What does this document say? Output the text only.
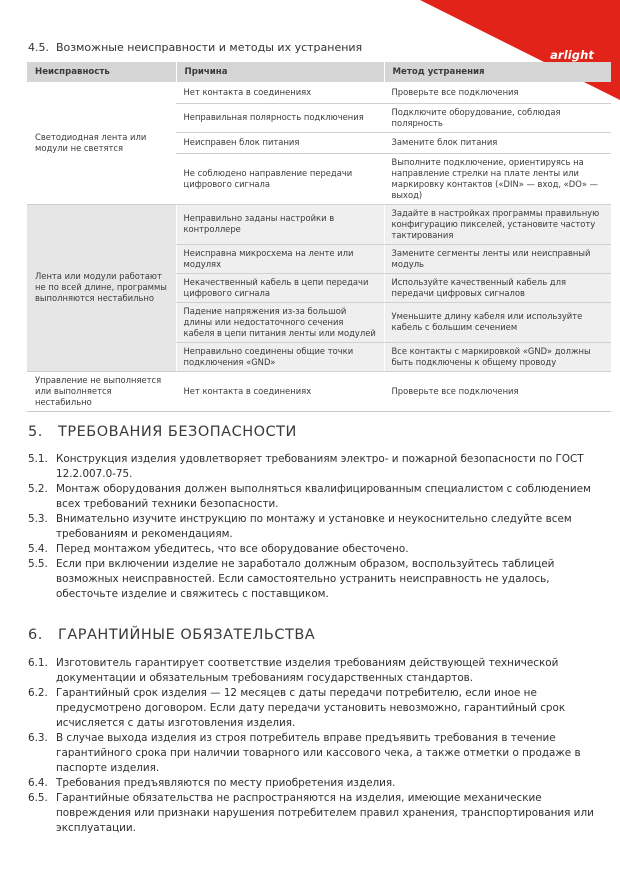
arlight
4.5. Возможные неисправности и методы их устранения
Неисправность	Причина	Метод устранения
Светодиодная лента или модули не светятся	Нет контакта в соединениях	Проверьте все подключения
	Неправильная полярность подключения	Подключите оборудование, соблюдая полярность
	Неисправен блок питания	Замените блок питания
	Не соблюдено направление передачи цифрового сигнала	Выполните подключение, ориентируясь на направление стрелки на плате ленты или маркировку контактов («DIN» — вход, «DO» — выход)
Лента или модули работают не по всей длине, программы выполняются нестабильно	Неправильно заданы настройки в контроллере	Задайте в настройках программы правильную конфигурацию пикселей, установите частоту тактирования
	Неисправна микросхема на ленте или модулях	Замените сегменты ленты или неисправный модуль
	Некачественный кабель в цепи передачи цифрового сигнала	Используйте качественный кабель для передачи цифровых сигналов
	Падение напряжения из-за большой длины или недостаточного сечения кабеля в цепи питания ленты или модулей	Уменьшите длину кабеля или используйте кабель с большим сечением
	Неправильно соединены общие точки подключения «GND»	Все контакты с маркировкой «GND» должны быть подключены к общему проводу
Управление не выполняется или выполняется нестабильно	Нет контакта в соединениях	Проверьте все подключения
5. ТРЕБОВАНИЯ БЕЗОПАСНОСТИ

5.1. Конструкция изделия удовлетворяет требованиям электро- и пожарной безопасности по ГОСТ 12.2.007.0-75.

5.2. Монтаж оборудования должен выполняться квалифицированным специалистом с соблюдением всех требований техники безопасности.

5.3. Внимательно изучите инструкцию по монтажу и установке и неукоснительно следуйте всем требованиям и рекомендациям.

5.4. Перед монтажом убедитесь, что все оборудование обесточено.

5.5. Если при включении изделие не заработало должным образом, воспользуйтесь таблицей возможных неисправностей. Если самостоятельно устранить неисправность не удалось, обесточьте изделие и свяжитесь с поставщиком.

6. ГАРАНТИЙНЫЕ ОБЯЗАТЕЛЬСТВА

6.1. Изготовитель гарантирует соответствие изделия требованиям действующей технической документации и обязательным требованиям государственных стандартов.

6.2. Гарантийный срок изделия — 12 месяцев с даты передачи потребителю, если иное не предусмотрено договором. Если дату передачи установить невозможно, гарантийный срок исчисляется с даты изготовления изделия.

6.3. В случае выхода изделия из строя потребитель вправе предъявить требования в течение гарантийного срока при наличии товарного или кассового чека, а также отметки о продаже в паспорте изделия.

6.4. Требования предъявляются по месту приобретения изделия.

6.5. Гарантийные обязательства не распространяются на изделия, имеющие механические повреждения или признаки нарушения потребителем правил хранения, транспортирования или эксплуатации.
